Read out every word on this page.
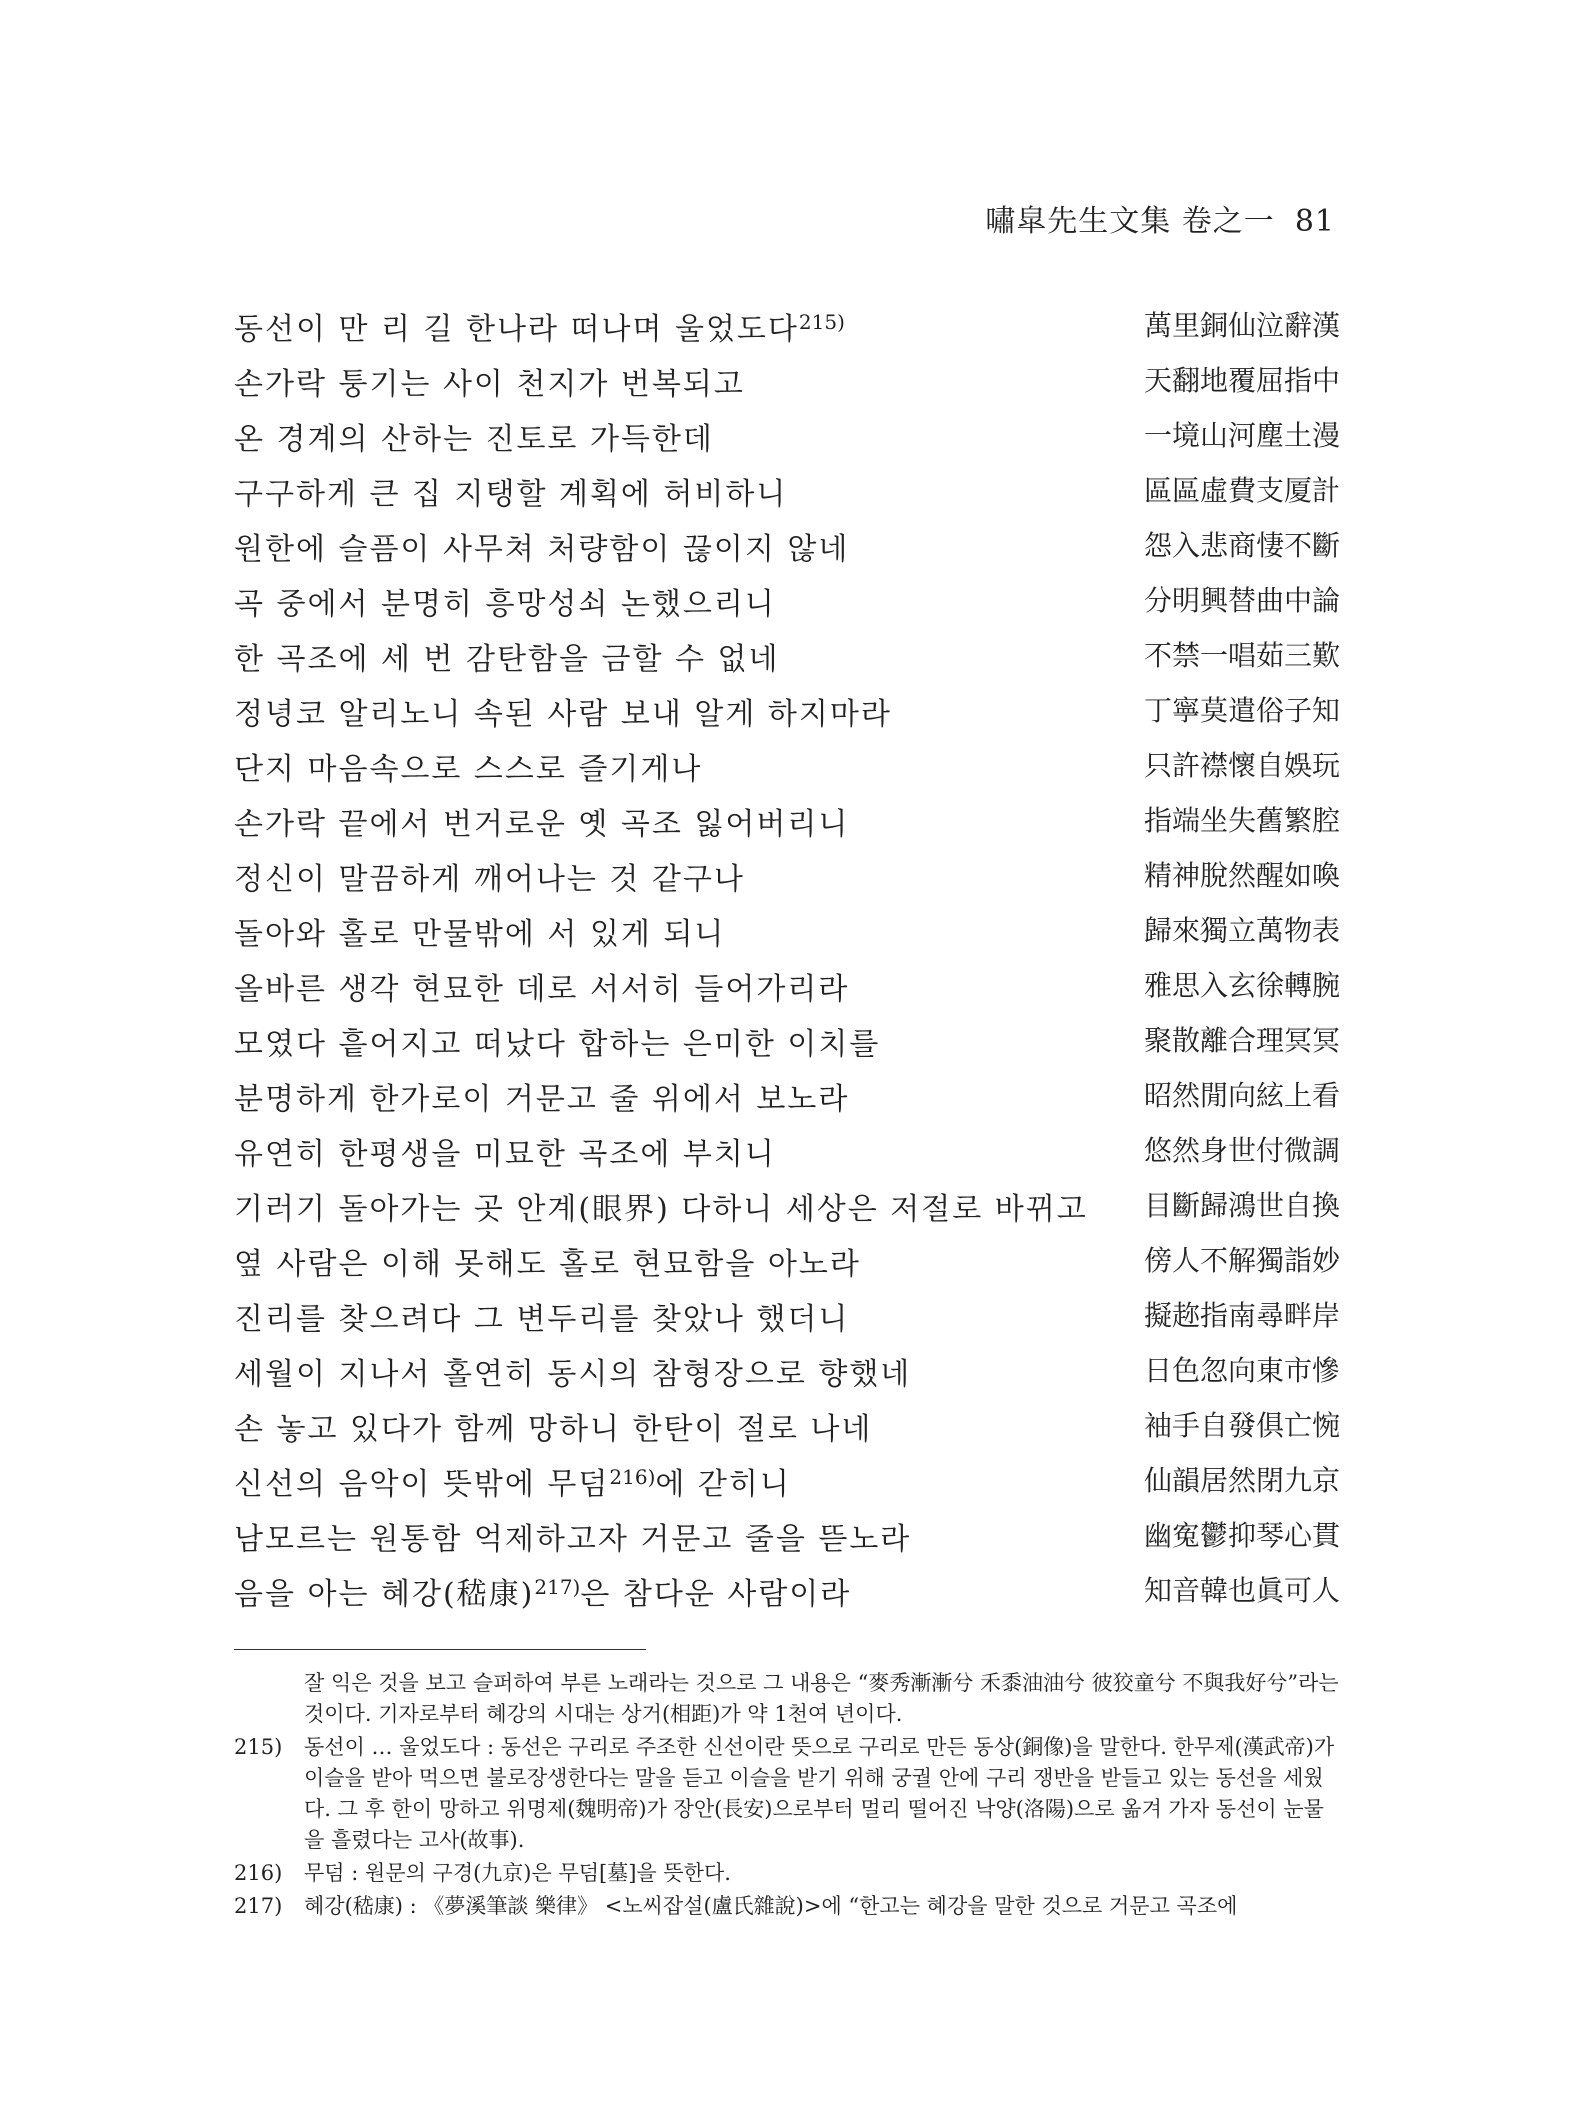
嘯皐先生文集 卷之一 81
동선이 만 리 길 한나라 떠나며 울었도다$^{215)}$	萬里銅仙泣辭漢
손가락 퉁기는 사이 천지가 번복되고	天翻地覆屈指中
온 경계의 산하는 진토로 가득한데	一境山河塵土漫
구구하게 큰 집 지탱할 계획에 허비하니	區區虛費支厦計
원한에 슬픔이 사무쳐 처량함이 끊이지 않네	怨入悲商悽不斷
곡 중에서 분명히 흥망성쇠 논했으리니	分明興替曲中論
한 곡조에 세 번 감탄함을 금할 수 없네	不禁一唱茹三歎
정녕코 알리노니 속된 사람 보내 알게 하지마라	丁寧莫遣俗子知
단지 마음속으로 스스로 즐기게나	只許襟懷自娛玩
손가락 끝에서 번거로운 옛 곡조 잃어버리니	指端坐失舊繁腔
정신이 말끔하게 깨어나는 것 같구나	精神脫然醒如喚
돌아와 홀로 만물밖에 서 있게 되니	歸來獨立萬物表
올바른 생각 현묘한 데로 서서히 들어가리라	雅思入玄徐轉腕
모였다 흩어지고 떠났다 합하는 은미한 이치를	聚散離合理冥冥
분명하게 한가로이 거문고 줄 위에서 보노라	昭然閒向絃上看
유연히 한평생을 미묘한 곡조에 부치니	悠然身世付微調
기러기 돌아가는 곳 안계(眼界) 다하니 세상은 저절로 바뀌고 目斷歸鴻世自換
옆 사람은 이해 못해도 홀로 현묘함을 아노라	傍人不解獨詣妙
진리를 찾으려다 그 변두리를 찾았나 했더니	擬趂指南尋畔岸
세월이 지나서 홀연히 동시의 참형장으로 향했네	日色忽向東市慘
손 놓고 있다가 함께 망하니 한탄이 절로 나네	袖手自發俱亡惋
신선의 음악이 뜻밖에 무덤$^{216)}$에 갇히니	仙韻居然閉九京
남모르는 원통함 억제하고자 거문고 줄을 뜯노라	幽寃鬱抑琴心貫
음을 아는 혜강(嵇康)$^{217)}$은 참다운 사람이라	知音韓也眞可人
잘 익은 것을 보고 슬퍼하여 부른 노래라는 것으로 그 내용은 “麥秀漸漸兮 禾黍油油兮 彼狡童兮 不與我好兮”라는 것이다. 기자로부터 혜강의 시대는 상거(相距)가 약 1천여 년이다.
215) 동선이 … 울었도다 : 동선은 구리로 주조한 신선이란 뜻으로 구리로 만든 동상(銅像)을 말한다. 한무제(漢武帝)가 이슬을 받아 먹으면 불로장생한다는 말을 듣고 이슬을 받기 위해 궁궐 안에 구리 쟁반을 받들고 있는 동선을 세웠다. 그 후 한이 망하고 위명제(魏明帝)가 장안(長安)으로부터 멀리 떨어진 낙양(洛陽)으로 옮겨 가자 동선이 눈물을 흘렸다는 고사(故事).
216) 무덤 : 원문의 구경(九京)은 무덤[墓]을 뜻한다.
217) 혜강(嵇康) : 《夢溪筆談 樂律》 <노씨잡설(盧氏雜說)>에 “한고는 혜강을 말한 것으로 거문고 곡조에
